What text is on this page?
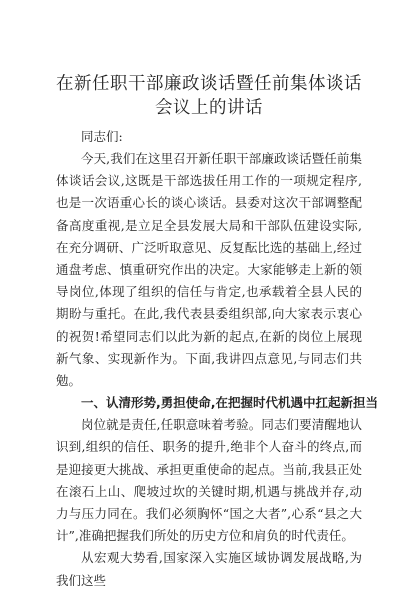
在新任职干部廉政谈话暨任前集体谈话会议上的讲话

同志们:

今天,我们在这里召开新任职干部廉政谈话暨任前集体谈话会议,这既是干部选拔任用工作的一项规定程序,也是一次语重心长的谈心谈话。县委对这次干部调整配备高度重视,是立足全县发展大局和干部队伍建设实际,在充分调研、广泛听取意见、反复酝比选的基础上,经过通盘考虑、慎重研究作出的决定。大家能够走上新的领导岗位,体现了组织的信任与肯定,也承载着全县人民的期盼与重托。在此,我代表县委组织部,向大家表示衷心的祝贺!希望同志们以此为新的起点,在新的岗位上展现新气象、实现新作为。下面,我讲四点意见,与同志们共勉。

一、认清形势,勇担使命,在把握时代机遇中扛起新担当

岗位就是责任,任职意味着考验。同志们要清醒地认识到,组织的信任、职务的提升,绝非个人奋斗的终点,而是迎接更大挑战、承担更重使命的起点。当前,我县正处在滚石上山、爬坡过坎的关键时期,机遇与挑战并存,动力与压力同在。我们必须胸怀“国之大者”,心系“县之大计”,准确把握我们所处的历史方位和肩负的时代责任。

从宏观大势看,国家深入实施区域协调发展战略,为我们这些
